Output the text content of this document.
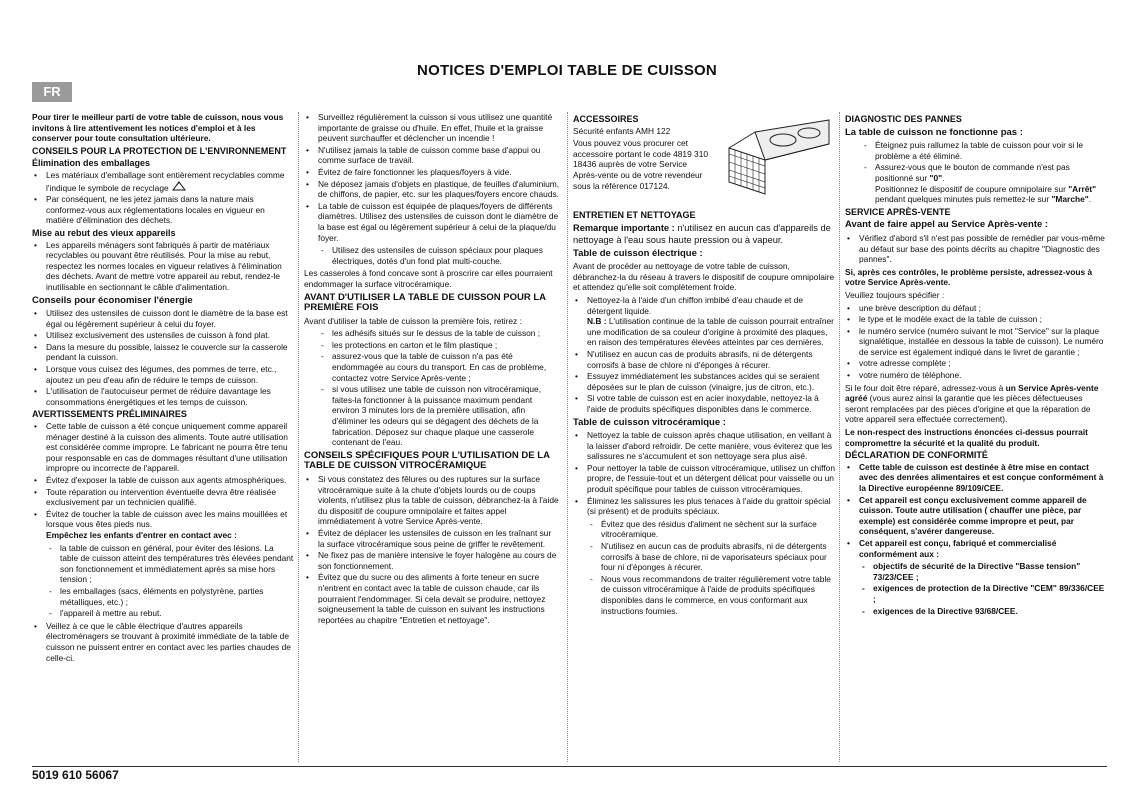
NOTICES D'EMPLOI TABLE DE CUISSON
FR

Pour tirer le meilleur parti de votre table de cuisson, nous vous invitons à lire attentivement les notices d'emploi et à les conserver pour toute consultation ultérieure.

CONSEILS POUR LA PROTECTION DE L'ENVIRONNEMENT
Élimination des emballages
• Les matériaux d'emballage sont entièrement recyclables comme l'indique le symbole de recyclage
• Par conséquent, ne les jetez jamais dans la nature mais conformez-vous aux réglementations locales en vigueur en matière d'élimination des déchets.
Mise au rebut des vieux appareils
• Les appareils ménagers sont fabriqués à partir de matériaux recyclables ou pouvant être réutilisés. Pour la mise au rebut, respectez les normes locales en vigueur relatives à l'élimination des déchets. Avant de mettre votre appareil au rebut, rendez-le inutilisable en sectionnant le câble d'alimentation.
Conseils pour économiser l'énergie
• Utilisez des ustensiles de cuisson dont le diamètre de la base est égal ou légèrement supérieur à celui du foyer.
• Utilisez exclusivement des ustensiles de cuisson à fond plat.
• Dans la mesure du possible, laissez le couvercle sur la casserole pendant la cuisson.
• Lorsque vous cuisez des légumes, des pommes de terre, etc., ajoutez un peu d'eau afin de réduire le temps de cuisson.
• L'utilisation de l'autocuiseur permet de réduire davantage les consommations énergétiques et les temps de cuisson.
AVERTISSEMENTS PRÉLIMINAIRES
• Cette table de cuisson a été conçue uniquement comme appareil ménager destiné à la cuisson des aliments. Toute autre utilisation est considérée comme impropre. Le fabricant ne pourra être tenu pour responsable en cas de dommages résultant d'une utilisation impropre ou incorrecte de l'appareil.
• Évitez d'exposer la table de cuisson aux agents atmosphériques.
• Toute réparation ou intervention éventuelle devra être réalisée exclusivement par un technicien qualifié.
• Évitez de toucher la table de cuisson avec les mains mouillées et lorsque vous êtes pieds nus.
Empêchez les enfants d'entrer en contact avec :
- la table de cuisson en général, pour éviter des lésions. La table de cuisson atteint des températures très élevées pendant son fonctionnement et immédiatement après sa mise hors tension ;
- les emballages (sacs, éléments en polystyrène, parties métalliques, etc.) ;
- l'appareil à mettre au rebut.
• Veillez à ce que le câble électrique d'autres appareils électroménagers se trouvant à proximité immédiate de la table de cuisson ne puissent entrer en contact avec les parties chaudes de celle-ci.
• Surveillez régulièrement la cuisson si vous utilisez une quantité importante de graisse ou d'huile. En effet, l'huile et la graisse peuvent surchauffer et déclencher un incendie !
• N'utilisez jamais la table de cuisson comme base d'appui ou comme surface de travail.
• Évitez de faire fonctionner les plaques/foyers à vide.
• Ne déposez jamais d'objets en plastique, de feuilles d'aluminium, de chiffons, de papier, etc. sur les plaques/foyers encore chauds.
• La table de cuisson est équipée de plaques/foyers de différents diamètres. Utilisez des ustensiles de cuisson dont le diamètre de la base est égal ou légèrement supérieur à celui de la plaque/du foyer.
- Utilisez des ustensiles de cuisson spéciaux pour plaques électriques, dotés d'un fond plat multi-couche.

Les casseroles à fond concave sont à proscrire car elles pourraient endommager la surface vitrocéramique.

AVANT D'UTILISER LA TABLE DE CUISSON POUR LA PREMIÈRE FOIS

Avant d'utiliser la table de cuisson la première fois, retirez :

- les adhésifs situés sur le dessus de la table de cuisson ;
- les protections en carton et le film plastique ;
- assurez-vous que la table de cuisson n'a pas été endommagée au cours du transport. En cas de problème, contactez votre Service Après-vente ;
- si vous utilisez une table de cuisson non vitrocéramique, faites-la fonctionner à la puissance maximum pendant environ 3 minutes lors de la première utilisation, afin d'éliminer les odeurs qui se dégagent des déchets de la fabrication. Déposez sur chaque plaque une casserole contenant de l'eau.
CONSEILS SPÉCIFIQUES POUR L'UTILISATION DE LA TABLE DE CUISSON VITROCÉRAMIQUE
• Si vous constatez des fêlures ou des ruptures sur la surface vitrocéramique suite à la chute d'objets lourds ou de coups violents, n'utilisez plus la table de cuisson, débranchez-la à l'aide du dispositif de coupure omnipolaire et faites appel immédiatement à votre Service Après-vente.
• Évitez de déplacer les ustensiles de cuisson en les traînant sur la surface vitrocéramique sous peine de griffer le revêtement.
• Ne fixez pas de manière intensive le foyer halogène au cours de son fonctionnement.
• Évitez que du sucre ou des aliments à forte teneur en sucre n'entrent en contact avec la table de cuisson chaude, car ils pourraient l'endommager. Si cela devait se produire, nettoyez soigneusement la table de cuisson en suivant les instructions reportées au chapitre "Entretien et nettoyage".
ACCESSOIRES

Sécurité enfants AMH 122

Vous pouvez vous procurer cet accessoire portant le code 4819 310 18436 auprès de votre Service Après-vente ou de votre revendeur sous la référence 017124.

ENTRETIEN ET NETTOYAGE

Remarque importante : n'utilisez en aucun cas d'appareils de nettoyage à l'eau sous haute pression ou à vapeur.

Table de cuisson électrique :

Avant de procéder au nettoyage de votre table de cuisson, débranchez-la du réseau à travers le dispositif de coupure omnipolaire et attendez qu'elle soit complètement froide.

• Nettoyez-la à l'aide d'un chiffon imbibé d'eau chaude et de détergent liquide.
N.B : L'utilisation continue de la table de cuisson pourrait entraîner une modification de sa couleur d'origine à proximité des plaques, en raison des températures élevées atteintes par ces dernières.
• N'utilisez en aucun cas de produits abrasifs, ni de détergents corrosifs à base de chlore ni d'éponges à récurer.
• Essuyez immédiatement les substances acides qui se seraient déposées sur le plan de cuisson (vinaigre, jus de citron, etc.).
• Si votre table de cuisson est en acier inoxydable, nettoyez-la à l'aide de produits spécifiques disponibles dans le commerce.
Table de cuisson vitrocéramique :
• Nettoyez la table de cuisson après chaque utilisation, en veillant à la laisser d'abord refroidir. De cette manière, vous éviterez que les salissures ne s'accumulent et son nettoyage sera plus aisé.
• Pour nettoyer la table de cuisson vitrocéramique, utilisez un chiffon propre, de l'essuie-tout et un détergent délicat pour vaisselle ou un produit spécifique pour tables de cuisson vitrocéramiques.
• Éliminez les salissures les plus tenaces à l'aide du grattoir spécial (si présent) et de produits spéciaux.
- Évitez que des résidus d'aliment ne sèchent sur la surface vitrocéramique.
- N'utilisez en aucun cas de produits abrasifs, ni de détergents corrosifs à base de chlore, ni de vaporisateurs spéciaux pour four ni d'éponges à récurer.
- Nous vous recommandons de traiter régulièrement votre table de cuisson vitrocéramique à l'aide de produits spécifiques disponibles dans le commerce, en vous conformant aux instructions fournies.
DIAGNOSTIC DES PANNES
La table de cuisson ne fonctionne pas :
- Éteignez puis rallumez la table de cuisson pour voir si le problème a été éliminé.
- Assurez-vous que le bouton de commande n'est pas positionné sur "0".
Positionnez le dispositif de coupure omnipolaire sur "Arrêt" pendant quelques minutes puis remettez-le sur "Marche".
SERVICE APRÈS-VENTE
Avant de faire appel au Service Après-vente :
• Vérifiez d'abord s'il n'est pas possible de remédier par vous-même au défaut sur base des points décrits au chapitre "Diagnostic des pannes".

Si, après ces contrôles, le problème persiste, adressez-vous à votre Service Après-vente.

Veuillez toujours spécifier :

• une brève description du défaut ;
• le type et le modèle exact de la table de cuisson ;
• le numéro service (numéro suivant le mot "Service" sur la plaque signalétique, installée en dessous la table de cuisson). Le numéro de service est également indiqué dans le livret de garantie ;
• votre adresse complète ;
• votre numéro de téléphone.

Si le four doit être réparé, adressez-vous à un Service Après-vente agréé (vous aurez ainsi la garantie que les pièces défectueuses seront remplacées par des pièces d'origine et que la réparation de votre appareil sera effectuée correctement).

Le non-respect des instructions énoncées ci-dessus pourrait compromettre la sécurité et la qualité du produit.

DÉCLARATION DE CONFORMITÉ
• Cette table de cuisson est destinée à être mise en contact avec des denrées alimentaires et est conçue conformément à la Directive européenne 89/109/CEE.
• Cet appareil est conçu exclusivement comme appareil de cuisson. Toute autre utilisation ( chauffer une pièce, par exemple) est considérée comme impropre et peut, par conséquent, s'avérer dangereuse.
• Cet appareil est conçu, fabriqué et commercialisé conformément aux :
- objectifs de sécurité de la Directive "Basse tension" 73/23/CEE ;
- exigences de protection de la Directive "CEM" 89/336/CEE ;
- exigences de la Directive 93/68/CEE.
5019 610 56067
